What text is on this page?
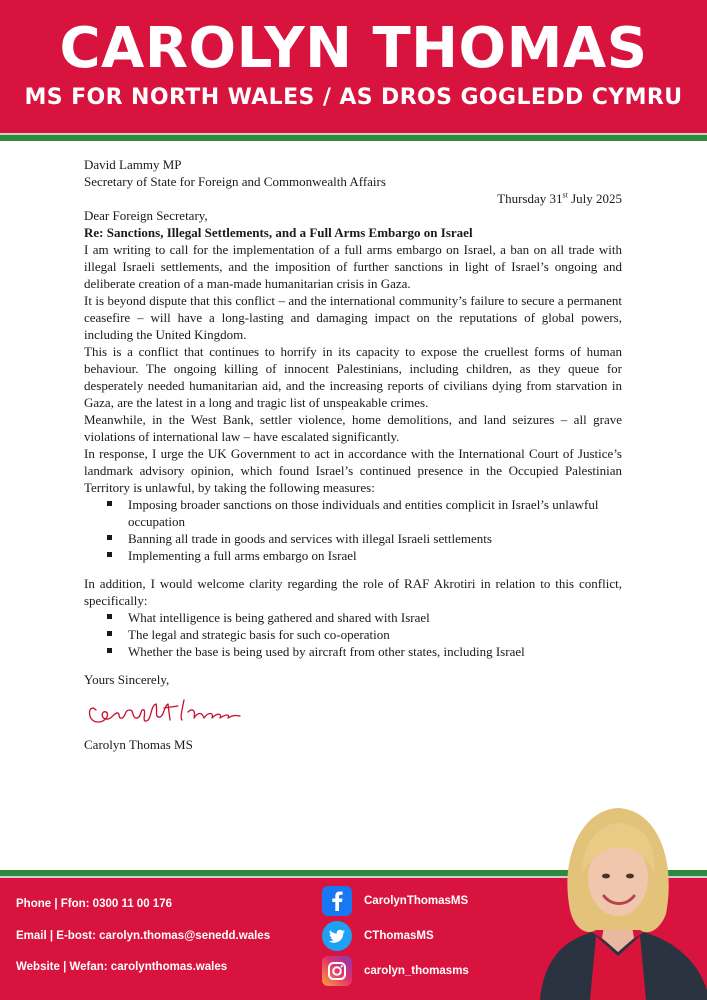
CAROLYN THOMAS
MS FOR NORTH WALES / AS DROS GOGLEDD CYMRU

David Lammy MP

Secretary of State for Foreign and Commonwealth Affairs

Thursday 31st July 2025

Dear Foreign Secretary,

Re: Sanctions, Illegal Settlements, and a Full Arms Embargo on Israel

I am writing to call for the implementation of a full arms embargo on Israel, a ban on all trade with illegal Israeli settlements, and the imposition of further sanctions in light of Israel’s ongoing and deliberate creation of a man-made humanitarian crisis in Gaza.

It is beyond dispute that this conflict – and the international community’s failure to secure a permanent ceasefire – will have a long-lasting and damaging impact on the reputations of global powers, including the United Kingdom.

This is a conflict that continues to horrify in its capacity to expose the cruellest forms of human behaviour. The ongoing killing of innocent Palestinians, including children, as they queue for desperately needed humanitarian aid, and the increasing reports of civilians dying from starvation in Gaza, are the latest in a long and tragic list of unspeakable crimes.

Meanwhile, in the West Bank, settler violence, home demolitions, and land seizures – all grave violations of international law – have escalated significantly.

In response, I urge the UK Government to act in accordance with the International Court of Justice’s landmark advisory opinion, which found Israel’s continued presence in the Occupied Palestinian Territory is unlawful, by taking the following measures:

Imposing broader sanctions on those individuals and entities complicit in Israel’s unlawful occupation
Banning all trade in goods and services with illegal Israeli settlements
Implementing a full arms embargo on Israel

In addition, I would welcome clarity regarding the role of RAF Akrotiri in relation to this conflict, specifically:

What intelligence is being gathered and shared with Israel
The legal and strategic basis for such co-operation
Whether the base is being used by aircraft from other states, including Israel

Yours Sincerely,

Carolyn Thomas MS

Phone | Ffon: 0300 11 00 176
Email | E-bost: carolyn.thomas@senedd.wales
Website | Wefan: carolynthomas.wales
CarolynThomasMS
CThomasMS
carolyn_thomasms
